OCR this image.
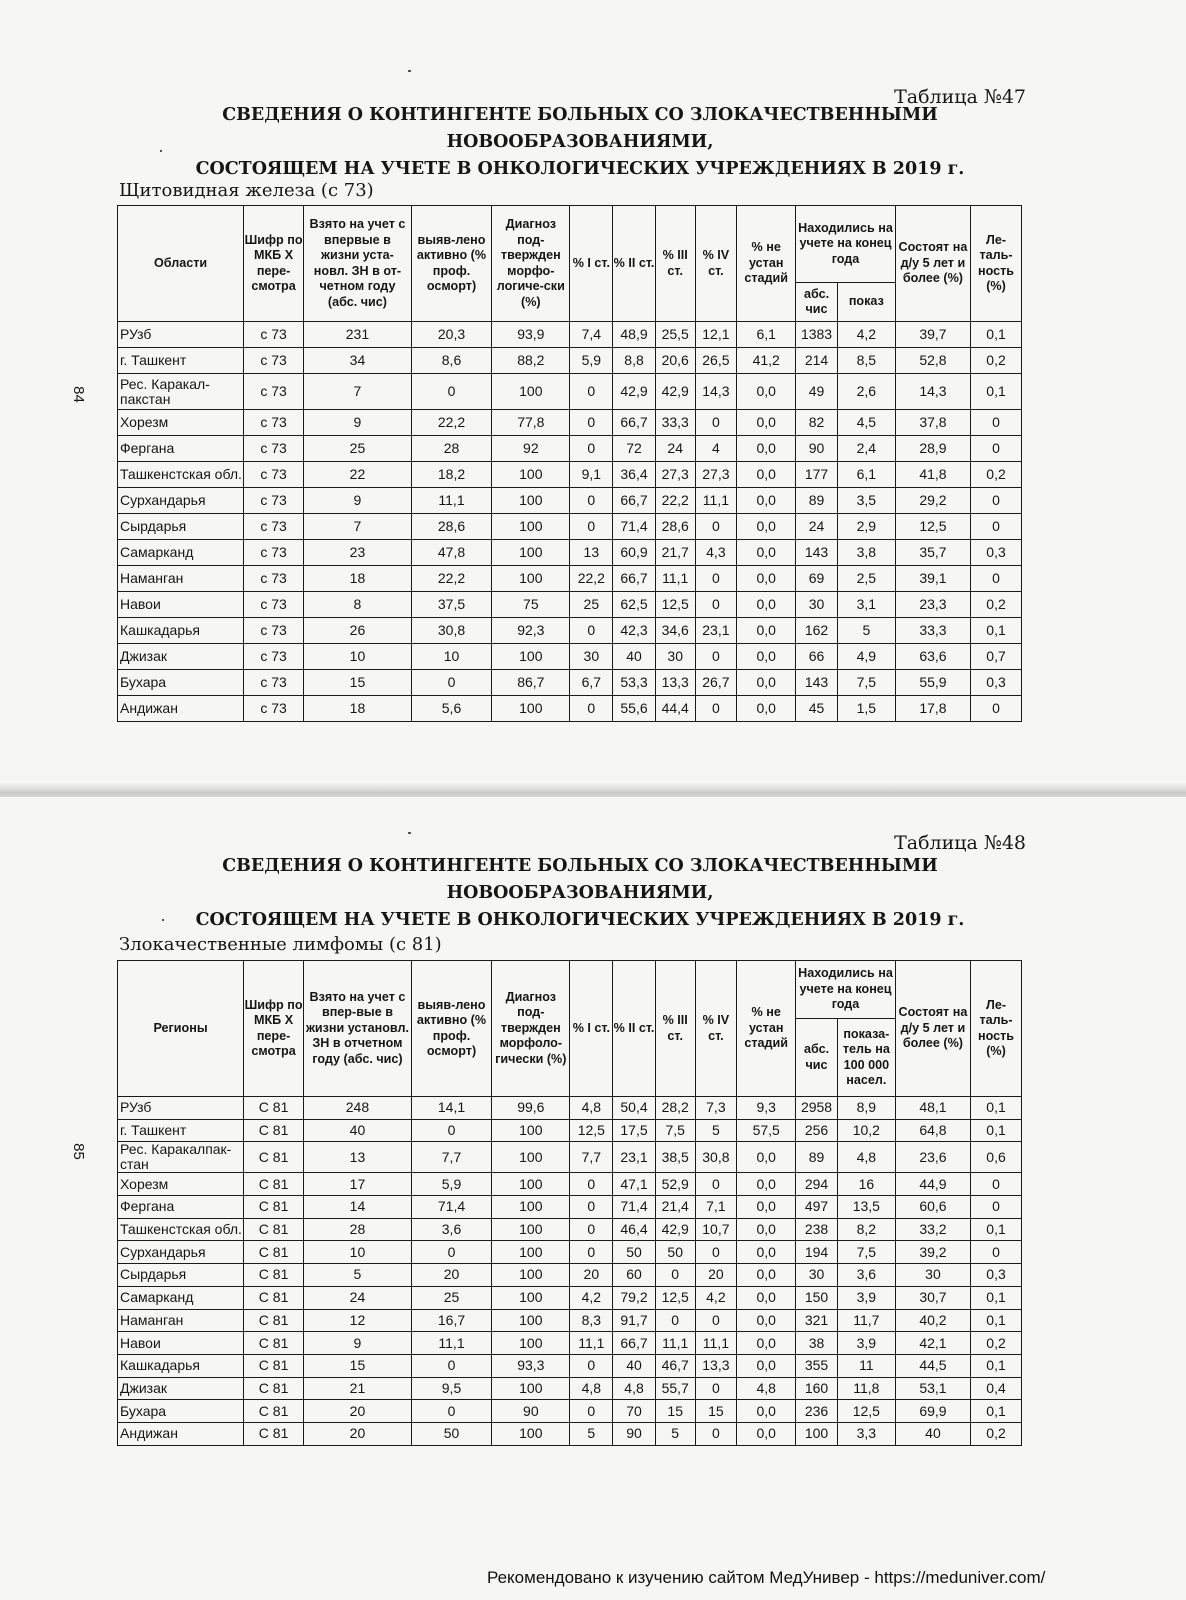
Таблица №47
СВЕДЕНИЯ О КОНТИНГЕНТЕ БОЛЬНЫХ СО ЗЛОКАЧЕСТВЕННЫМИ НОВООБРАЗОВАНИЯМИ,
СОСТОЯЩЕМ НА УЧЕТЕ В ОНКОЛОГИЧЕСКИХ УЧРЕЖДЕНИЯХ В 2019 г.
Щитовидная железа (с 73)
84
Области	Шифр по МКБ Х пере-смотра	Взято на учет с впервые в жизни уста-новл. ЗН в от-четном году (абс. чис)	выяв-лено активно (% проф. осморт)	Диагноз под-твержден морфо-логиче-ски (%)	% I ст.	% II ст.	% III ст.	% IV ст.	% не устан стадий	Находились на учете на конец года		Состоят на д/у 5 лет и более (%)	Ле-таль-ность (%)
										абс. чис	показ		
РУзб	с 73	231	20,3	93,9	7,4	48,9	25,5	12,1	6,1	1383	4,2	39,7	0,1
г. Ташкент	с 73	34	8,6	88,2	5,9	8,8	20,6	26,5	41,2	214	8,5	52,8	0,2
Рес. Каракал-пакстан	с 73	7	0	100	0	42,9	42,9	14,3	0,0	49	2,6	14,3	0,1
Хорезм	с 73	9	22,2	77,8	0	66,7	33,3	0	0,0	82	4,5	37,8	0
Фергана	с 73	25	28	92	0	72	24	4	0,0	90	2,4	28,9	0
Ташкенстская обл.	с 73	22	18,2	100	9,1	36,4	27,3	27,3	0,0	177	6,1	41,8	0,2
Сурхандарья	с 73	9	11,1	100	0	66,7	22,2	11,1	0,0	89	3,5	29,2	0
Сырдарья	с 73	7	28,6	100	0	71,4	28,6	0	0,0	24	2,9	12,5	0
Самарканд	с 73	23	47,8	100	13	60,9	21,7	4,3	0,0	143	3,8	35,7	0,3
Наманган	с 73	18	22,2	100	22,2	66,7	11,1	0	0,0	69	2,5	39,1	0
Навои	с 73	8	37,5	75	25	62,5	12,5	0	0,0	30	3,1	23,3	0,2
Кашкадарья	с 73	26	30,8	92,3	0	42,3	34,6	23,1	0,0	162	5	33,3	0,1
Джизак	с 73	10	10	100	30	40	30	0	0,0	66	4,9	63,6	0,7
Бухара	с 73	15	0	86,7	6,7	53,3	13,3	26,7	0,0	143	7,5	55,9	0,3
Андижан	с 73	18	5,6	100	0	55,6	44,4	0	0,0	45	1,5	17,8	0
Таблица №48
СВЕДЕНИЯ О КОНТИНГЕНТЕ БОЛЬНЫХ СО ЗЛОКАЧЕСТВЕННЫМИ НОВООБРАЗОВАНИЯМИ,
СОСТОЯЩЕМ НА УЧЕТЕ В ОНКОЛОГИЧЕСКИХ УЧРЕЖДЕНИЯХ В 2019 г.
Злокачественные лимфомы (с 81)
85
Регионы	Шифр по МКБ Х пере-смотра	Взято на учет с впер-вые в жизни установл. ЗН в отчетном году (абс. чис)	выяв-лено активно (% проф. осморт)	Диагноз под-твержден морфоло-гически (%)	% I ст.	% II ст.	% III ст.	% IV ст.	% не устан стадий	Находились на учете на конец года		Состоят на д/у 5 лет и более (%)	Ле-таль-ность (%)
										абс. чис	показа-тель на 100 000 насел.		
РУзб	С 81	248	14,1	99,6	4,8	50,4	28,2	7,3	9,3	2958	8,9	48,1	0,1
г. Ташкент	С 81	40	0	100	12,5	17,5	7,5	5	57,5	256	10,2	64,8	0,1
Рес. Каракалпак-стан	С 81	13	7,7	100	7,7	23,1	38,5	30,8	0,0	89	4,8	23,6	0,6
Хорезм	С 81	17	5,9	100	0	47,1	52,9	0	0,0	294	16	44,9	0
Фергана	С 81	14	71,4	100	0	71,4	21,4	7,1	0,0	497	13,5	60,6	0
Ташкенстская обл.	С 81	28	3,6	100	0	46,4	42,9	10,7	0,0	238	8,2	33,2	0,1
Сурхандарья	С 81	10	0	100	0	50	50	0	0,0	194	7,5	39,2	0
Сырдарья	С 81	5	20	100	20	60	0	20	0,0	30	3,6	30	0,3
Самарканд	С 81	24	25	100	4,2	79,2	12,5	4,2	0,0	150	3,9	30,7	0,1
Наманган	С 81	12	16,7	100	8,3	91,7	0	0	0,0	321	11,7	40,2	0,1
Навои	С 81	9	11,1	100	11,1	66,7	11,1	11,1	0,0	38	3,9	42,1	0,2
Кашкадарья	С 81	15	0	93,3	0	40	46,7	13,3	0,0	355	11	44,5	0,1
Джизак	С 81	21	9,5	100	4,8	4,8	55,7	0	4,8	160	11,8	53,1	0,4
Бухара	С 81	20	0	90	0	70	15	15	0,0	236	12,5	69,9	0,1
Андижан	С 81	20	50	100	5	90	5	0	0,0	100	3,3	40	0,2
Рекомендовано к изучению сайтом МедУнивер - https://meduniver.com/
